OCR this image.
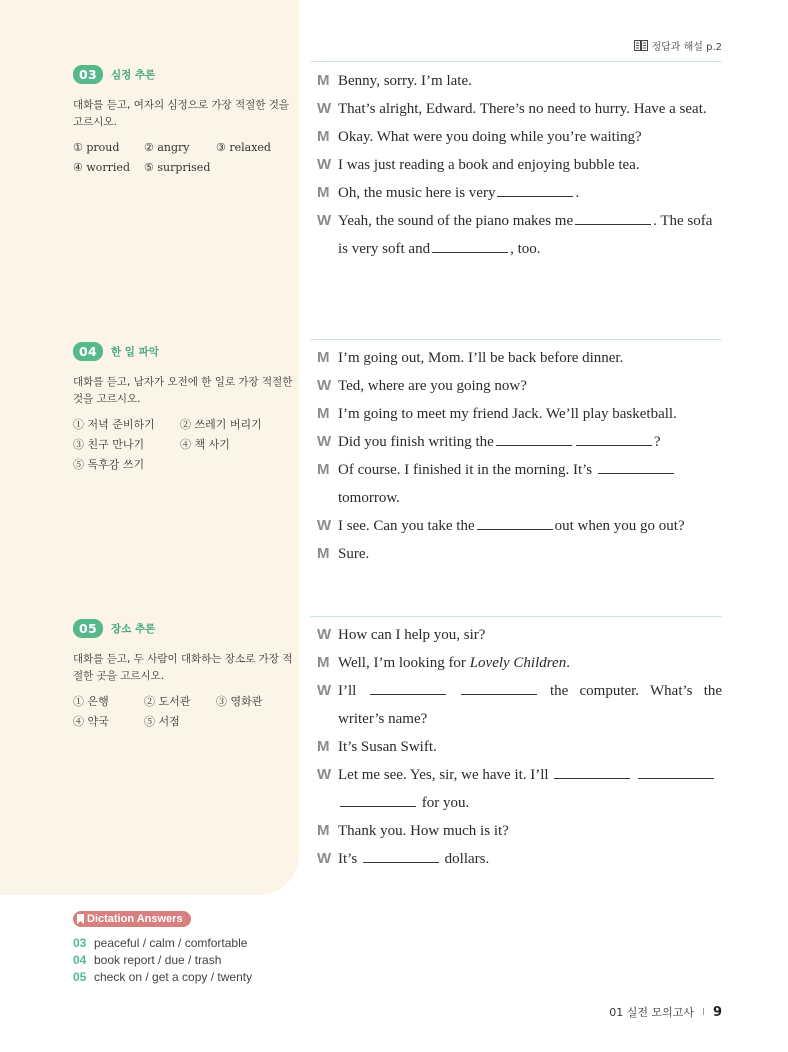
정답과 해설 p.2
03	심정 추론
대화를 듣고, 여자의 심정으로 가장 적절한 것을 고르시오.
① proud	② angry	③ relaxed
④ worried	⑤ surprised
M Benny, sorry. I’m late.
W That’s alright, Edward. There’s no need to hurry. Have a seat.
M Okay. What were you doing while you’re waiting?
W I was just reading a book and enjoying bubble tea.
M Oh, the music here is very	.
W Yeah, the sound of the piano makes me	. The sofa is very soft and	, too.
04	한 일 파악
대화를 듣고, 남자가 오전에 한 일로 가장 적절한 것을 고르시오.
① 저녁 준비하기	② 쓰레기 버리기
③ 친구 만나기	④ 책 사기
⑤ 독후감 쓰기
M I’m going out, Mom. I’ll be back before dinner.
W Ted, where are you going now?
M I’m going to meet my friend Jack. We’ll play basketball.
W Did you finish writing the	?
M Of course. I finished it in the morning. It’s  tomorrow.
W I see. Can you take the	out when you go out?
M Sure.
05	장소 추론
대화를 듣고, 두 사람이 대화하는 장소로 가장 적절한 곳을 고르시오.
① 은행	② 도서관	③ 영화관
④ 약국	⑤ 서점
W How can I help you, sir?
M Well, I’m looking for Lovely Children.
W I’ll	the computer. What’s the writer’s name?
M It’s Susan Swift.
W Let me see. Yes, sir, we have it. I’ll    for you.
M Thank you. How much is it?
W It’s	dollars.
Dictation Answers
03 peaceful / calm / comfortable
04 book report / due / trash
05 check on / get a copy / twenty
01 실전 모의고사 I 9
